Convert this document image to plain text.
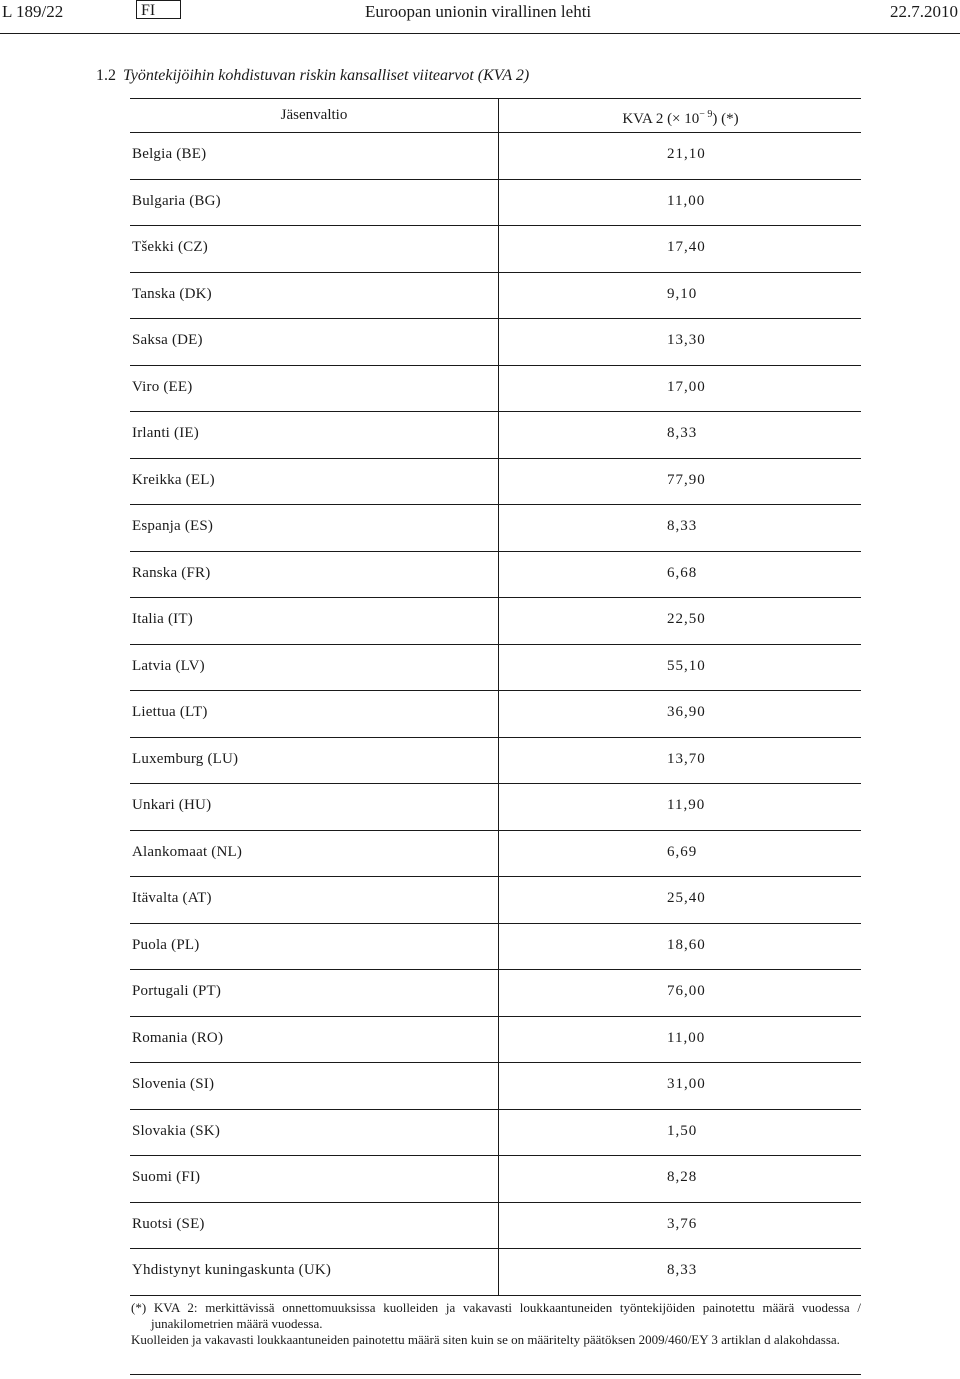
L 189/22	FI	Euroopan unionin virallinen lehti	22.7.2010
1.2 Työntekijöihin kohdistuvan riskin kansalliset viitearvot (KVA 2)
Jäsenvaltio	KVA 2 (× $10^{- 9}$) (*)
Belgia (BE)	21,10
Bulgaria (BG)	11,00
Tšekki (CZ)	17,40
Tanska (DK)	9,10
Saksa (DE)	13,30
Viro (EE)	17,00
Irlanti (IE)	8,33
Kreikka (EL)	77,90
Espanja (ES)	8,33
Ranska (FR)	6,68
Italia (IT)	22,50
Latvia (LV)	55,10
Liettua (LT)	36,90
Luxemburg (LU)	13,70
Unkari (HU)	11,90
Alankomaat (NL)	6,69
Itävalta (AT)	25,40
Puola (PL)	18,60
Portugali (PT)	76,00
Romania (RO)	11,00
Slovenia (SI)	31,00
Slovakia (SK)	1,50
Suomi (FI)	8,28
Ruotsi (SE)	3,76
Yhdistynyt kuningaskunta (UK)	8,33

(*) KVA 2: merkittävissä onnettomuuksissa kuolleiden ja vakavasti loukkaantuneiden työntekijöiden painotettu määrä vuodessa / junakilometrien määrä vuodessa.

Kuolleiden ja vakavasti loukkaantuneiden painotettu määrä siten kuin se on määritelty päätöksen 2009/460/EY 3 artiklan d alakohdassa.
